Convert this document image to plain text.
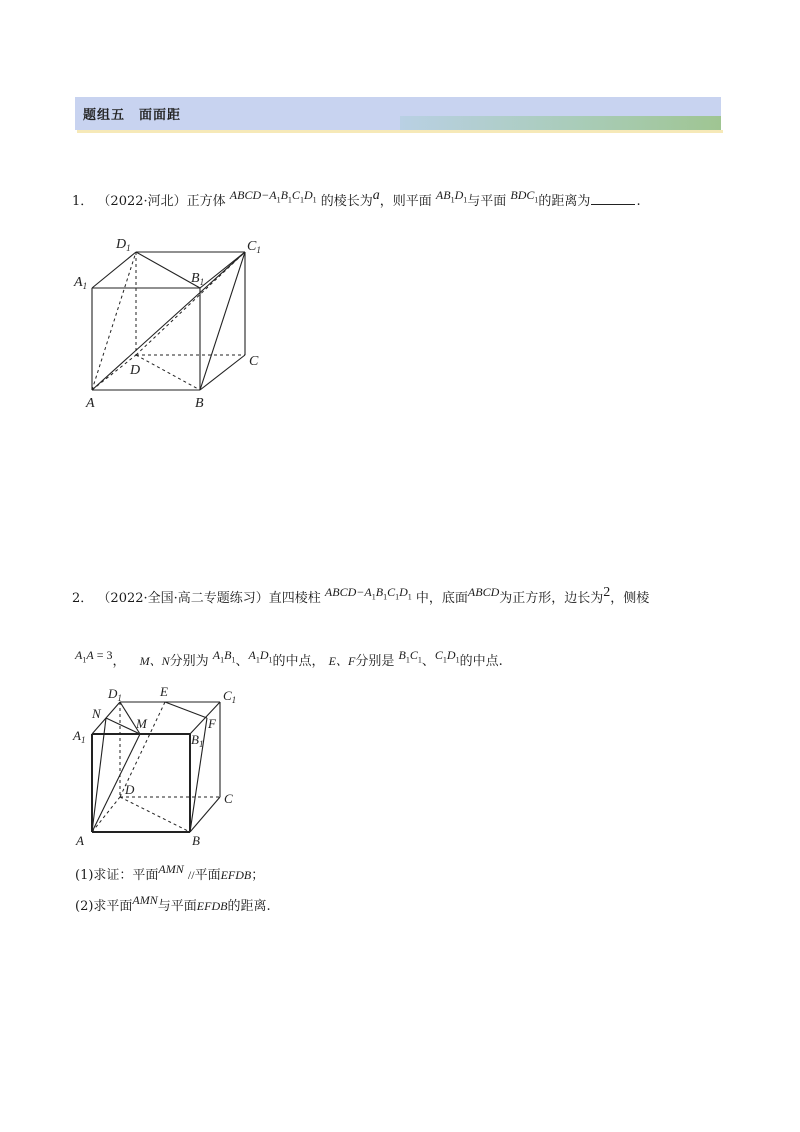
题组五　面面距
1． （2022·河北）正方体 $ABCD-A_1B_1C_1D_1$ 的棱长为a，则平面 $AB_1D_1$与平面 $BDC_1$的距离为	.
$D_1$	$C_1$
$A_1$	$B_1$
D
C
A	B
2． （2022·全国·高二专题练习）直四棱柱 $ABCD-A_1B_1C_1D_1$ 中，底面ABCD为正方形，边长为2，侧棱
$A_1A = 3$， M、N分别为 $A_1B_1$、$A_1D_1$的中点， E、F分别是 $B_1C_1$、$C_1D_1$的中点.
$D_1$	E	$C_1$
N
M	F
$A_1$	$B_1$
D
C
A	B
(1)求证：平面AMN //平面EFDB；
(2)求平面AMN与平面EFDB的距离.
